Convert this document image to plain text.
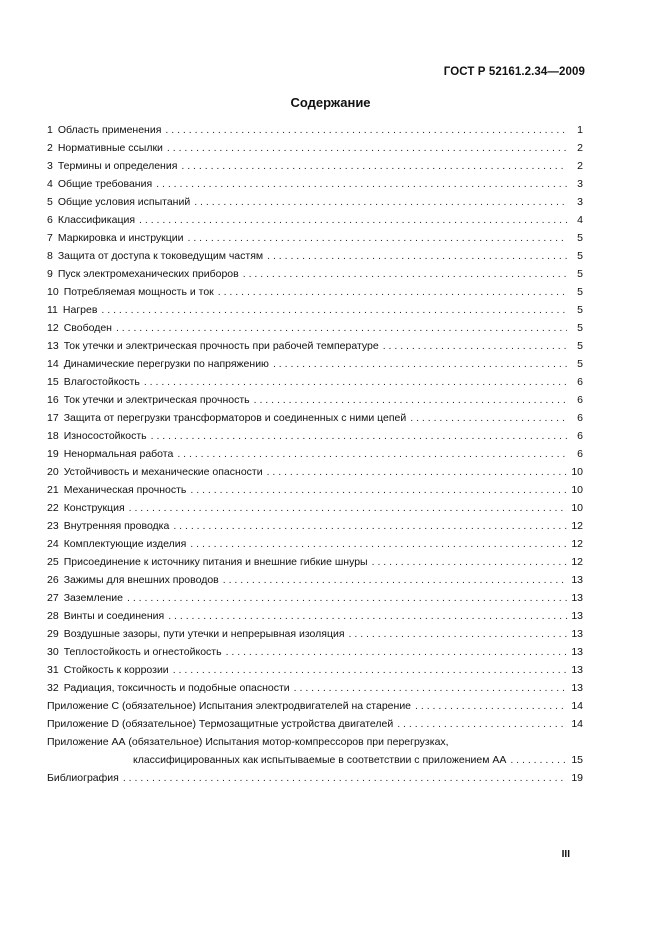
ГОСТ Р 52161.2.34—2009
Содержание
1 Область применения . . .	1
2 Нормативные ссылки . . .	2
3 Термины и определения . . .	2
4 Общие требования . . .	3
5 Общие условия испытаний . . .	3
6 Классификация . . .	4
7 Маркировка и инструкции . . .	5
8 Защита от доступа к токоведущим частям . . .	5
9 Пуск электромеханических приборов . . .	5
10 Потребляемая мощность и ток . . .	5
11 Нагрев . . .	5
12 Свободен . . .	5
13 Ток утечки и электрическая прочность при рабочей температуре . . .	5
14 Динамические перегрузки по напряжению . . .	5
15 Влагостойкость . . .	6
16 Ток утечки и электрическая прочность . . .	6
17 Защита от перегрузки трансформаторов и соединенных с ними цепей . . .	6
18 Износостойкость . . .	6
19 Ненормальная работа . . .	6
20 Устойчивость и механические опасности . . .	10
21 Механическая прочность . . .	10
22 Конструкция . . .	10
23 Внутренняя проводка . . .	12
24 Комплектующие изделия . . .	12
25 Присоединение к источнику питания и внешние гибкие шнуры . . .	12
26 Зажимы для внешних проводов . . .	13
27 Заземление . . .	13
28 Винты и соединения . . .	13
29 Воздушные зазоры, пути утечки и непрерывная изоляция . . .	13
30 Теплостойкость и огнестойкость . . .	13
31 Стойкость к коррозии . . .	13
32 Радиация, токсичность и подобные опасности . . .	13
Приложение С (обязательное) Испытания электродвигателей на старение . . .	14
Приложение D (обязательное) Термозащитные устройства двигателей . . .	14
Приложение АА (обязательное) Испытания мотор-компрессоров при перегрузках,
классифицированных как испытываемые в соответствии с приложением АА . . .	15
Библиография . . .	19
III
